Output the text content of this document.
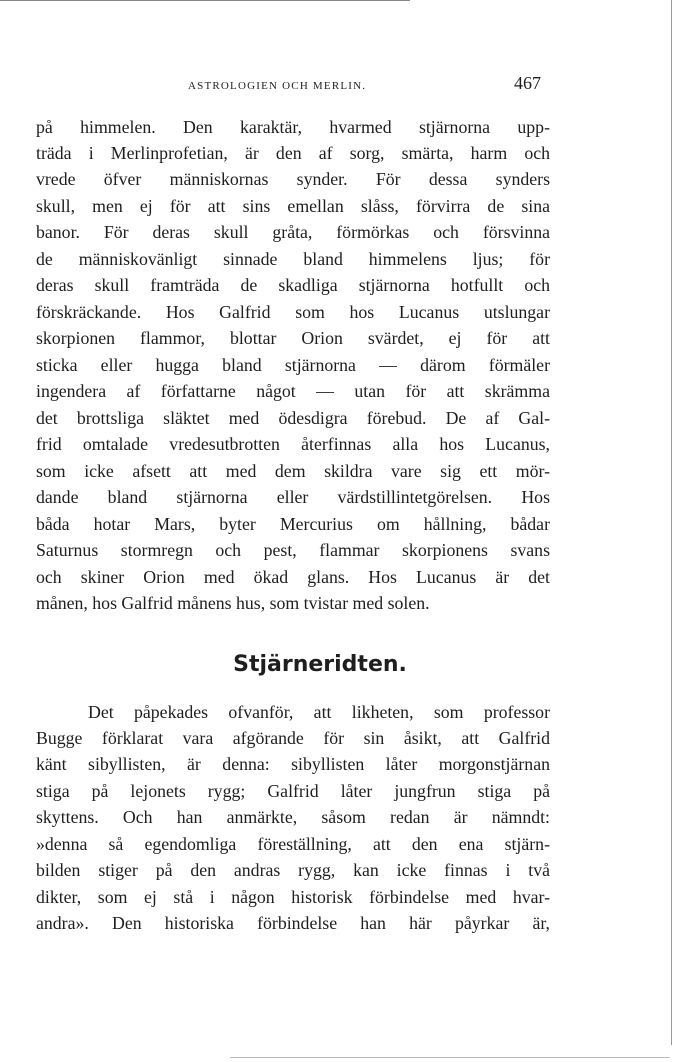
ASTROLOGIEN OCH MERLIN.	467
på himmelen. Den karaktär, hvarmed stjärnorna upp-
träda i Merlinprofetian, är den af sorg, smärta, harm och
vrede öfver människornas synder. För dessa synders
skull, men ej för att sins emellan slåss, förvirra de sina
banor. För deras skull gråta, förmörkas och försvinna
de människovänligt sinnade bland himmelens ljus; för
deras skull framträda de skadliga stjärnorna hotfullt och
förskräckande. Hos Galfrid som hos Lucanus utslungar
skorpionen flammor, blottar Orion svärdet, ej för att
sticka eller hugga bland stjärnorna — därom förmäler
ingendera af författarne något — utan för att skrämma
det brottsliga släktet med ödesdigra förebud. De af Gal-
frid omtalade vredesutbrotten återfinnas alla hos Lucanus,
som icke afsett att med dem skildra vare sig ett mör-
dande bland stjärnorna eller värdstillintetgörelsen. Hos
båda hotar Mars, byter Mercurius om hållning, bådar
Saturnus stormregn och pest, flammar skorpionens svans
och skiner Orion med ökad glans. Hos Lucanus är det
månen, hos Galfrid månens hus, som tvistar med solen.
Stjärneridten.
Det påpekades ofvanför, att likheten, som professor
Bugge förklarat vara afgörande för sin åsikt, att Galfrid
känt sibyllisten, är denna: sibyllisten låter morgonstjärnan
stiga på lejonets rygg; Galfrid låter jungfrun stiga på
skyttens. Och han anmärkte, såsom redan är nämndt:
»denna så egendomliga föreställning, att den ena stjärn-
bilden stiger på den andras rygg, kan icke finnas i två
dikter, som ej stå i någon historisk förbindelse med hvar-
andra». Den historiska förbindelse han här påyrkar är,
